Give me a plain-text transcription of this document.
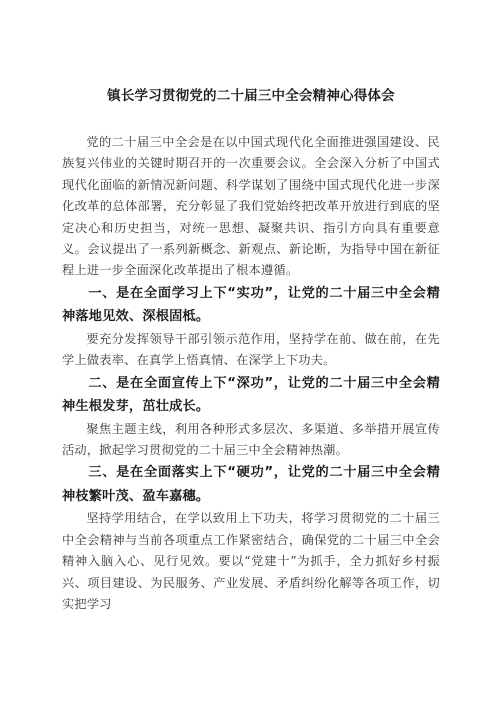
镇长学习贯彻党的二十届三中全会精神心得体会

党的二十届三中全会是在以中国式现代化全面推进强国建设、民族复兴伟业的关键时期召开的一次重要会议。全会深入分析了中国式现代化面临的新情况新问题、科学谋划了围绕中国式现代化进一步深化改革的总体部署，充分彰显了我们党始终把改革开放进行到底的坚定决心和历史担当，对统一思想、凝聚共识、指引方向具有重要意义。会议提出了一系列新概念、新观点、新论断，为指导中国在新征程上进一步全面深化改革提出了根本遵循。

一、是在全面学习上下“实功”，让党的二十届三中全会精神落地见效、深根固柢。

要充分发挥领导干部引领示范作用，坚持学在前、做在前，在先学上做表率、在真学上悟真情、在深学上下功夫。

二、是在全面宣传上下“深功”，让党的二十届三中全会精神生根发芽，茁壮成长。

聚焦主题主线，利用各种形式多层次、多渠道、多举措开展宣传活动，掀起学习贯彻党的二十届三中全会精神热潮。

三、是在全面落实上下“硬功”，让党的二十届三中全会精神枝繁叶茂、盈车嘉穗。

坚持学用结合，在学以致用上下功夫，将学习贯彻党的二十届三中全会精神与当前各项重点工作紧密结合，确保党的二十届三中全会精神入脑入心、见行见效。要以“党建十”为抓手，全力抓好乡村振兴、项目建设、为民服务、产业发展、矛盾纠纷化解等各项工作，切实把学习
